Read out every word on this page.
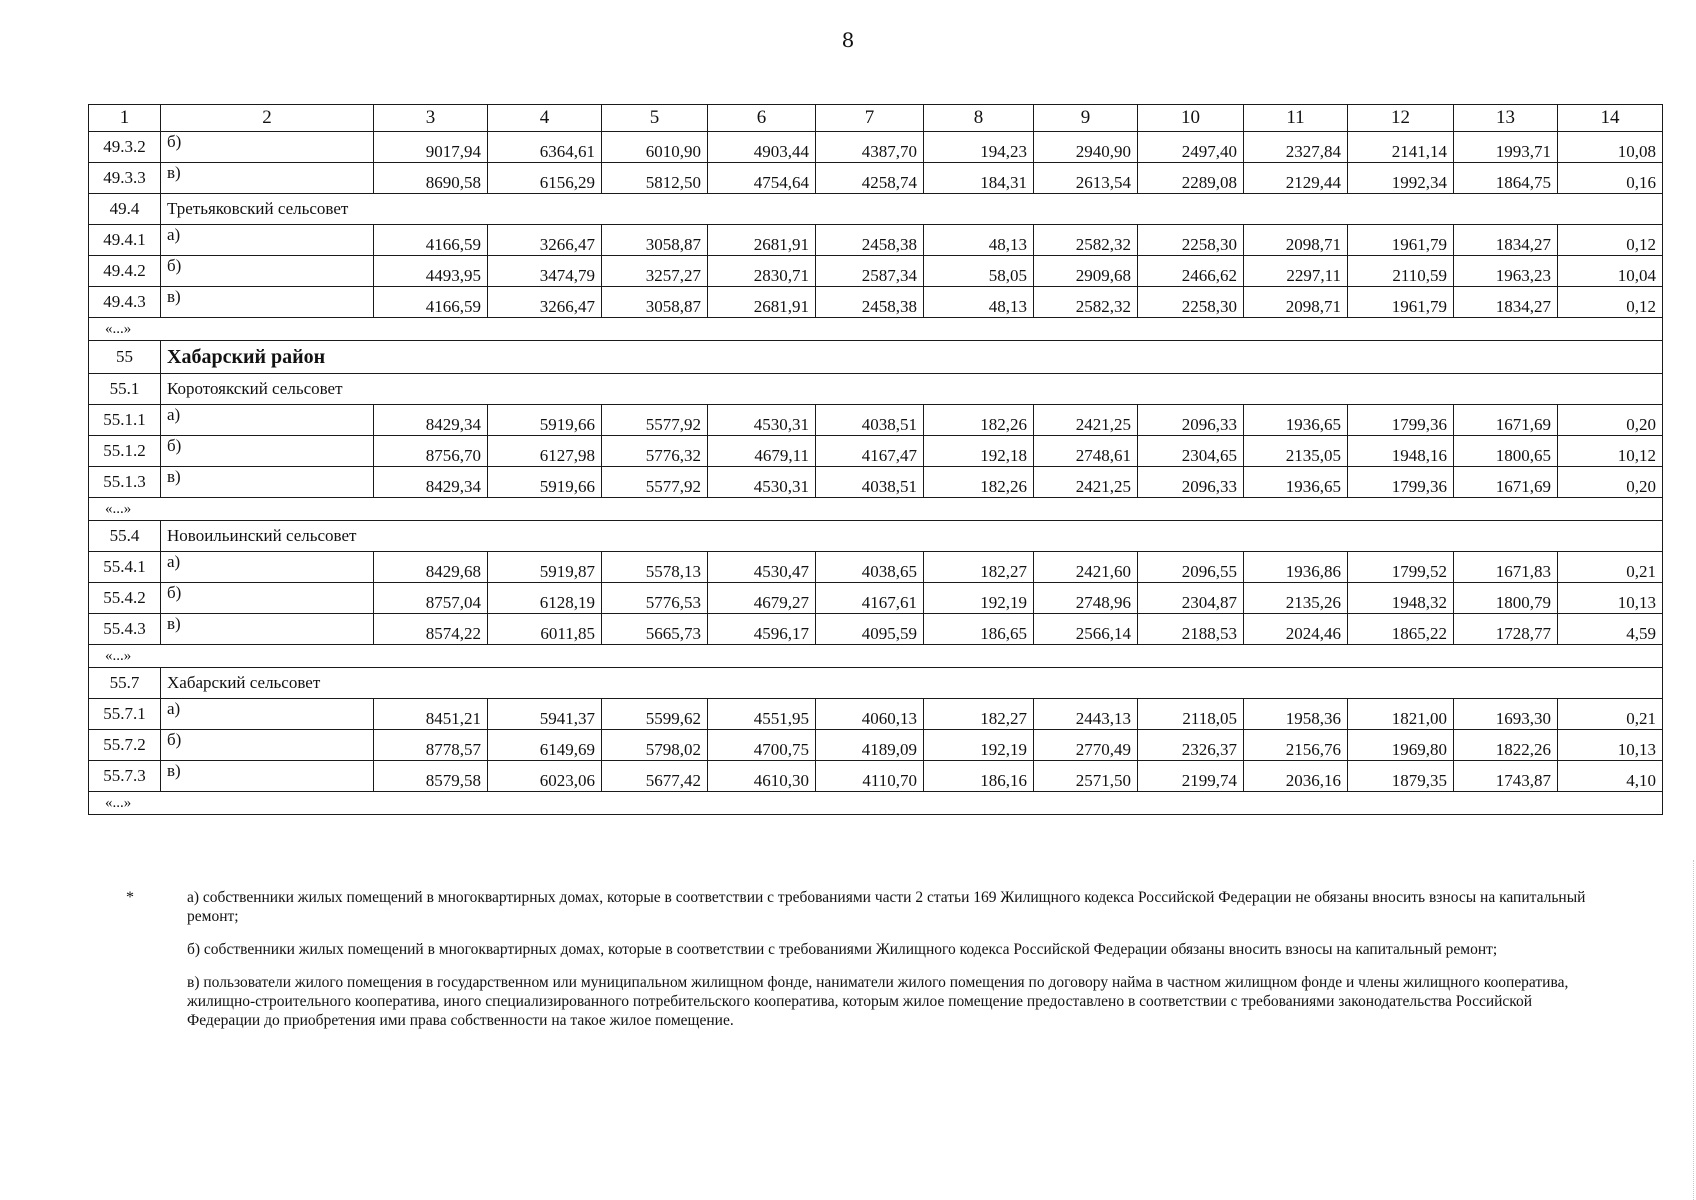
8
1	2	3	4	5	6	7	8	9	10	11	12	13	14
49.3.2	б)	9017,94	6364,61	6010,90	4903,44	4387,70	194,23	2940,90	2497,40	2327,84	2141,14	1993,71	10,08
49.3.3	в)	8690,58	6156,29	5812,50	4754,64	4258,74	184,31	2613,54	2289,08	2129,44	1992,34	1864,75	0,16
49.4	Третьяковский сельсовет												
49.4.1	а)	4166,59	3266,47	3058,87	2681,91	2458,38	48,13	2582,32	2258,30	2098,71	1961,79	1834,27	0,12
49.4.2	б)	4493,95	3474,79	3257,27	2830,71	2587,34	58,05	2909,68	2466,62	2297,11	2110,59	1963,23	10,04
49.4.3	в)	4166,59	3266,47	3058,87	2681,91	2458,38	48,13	2582,32	2258,30	2098,71	1961,79	1834,27	0,12
«...»													
55	Хабарский район												
55.1	Коротоякский сельсовет												
55.1.1	а)	8429,34	5919,66	5577,92	4530,31	4038,51	182,26	2421,25	2096,33	1936,65	1799,36	1671,69	0,20
55.1.2	б)	8756,70	6127,98	5776,32	4679,11	4167,47	192,18	2748,61	2304,65	2135,05	1948,16	1800,65	10,12
55.1.3	в)	8429,34	5919,66	5577,92	4530,31	4038,51	182,26	2421,25	2096,33	1936,65	1799,36	1671,69	0,20
«...»													
55.4	Новоильинский сельсовет												
55.4.1	а)	8429,68	5919,87	5578,13	4530,47	4038,65	182,27	2421,60	2096,55	1936,86	1799,52	1671,83	0,21
55.4.2	б)	8757,04	6128,19	5776,53	4679,27	4167,61	192,19	2748,96	2304,87	2135,26	1948,32	1800,79	10,13
55.4.3	в)	8574,22	6011,85	5665,73	4596,17	4095,59	186,65	2566,14	2188,53	2024,46	1865,22	1728,77	4,59
«...»													
55.7	Хабарский сельсовет												
55.7.1	а)	8451,21	5941,37	5599,62	4551,95	4060,13	182,27	2443,13	2118,05	1958,36	1821,00	1693,30	0,21
55.7.2	б)	8778,57	6149,69	5798,02	4700,75	4189,09	192,19	2770,49	2326,37	2156,76	1969,80	1822,26	10,13
55.7.3	в)	8579,58	6023,06	5677,42	4610,30	4110,70	186,16	2571,50	2199,74	2036,16	1879,35	1743,87	4,10
«...»													
*	а) собственники жилых помещений в многоквартирных домах, которые в соответствии с требованиями части 2 статьи 169 Жилищного кодекса Российской Федерации не обязаны вносить взносы на капитальный ремонт;
б) собственники жилых помещений в многоквартирных домах, которые в соответствии с требованиями Жилищного кодекса Российской Федерации обязаны вносить взносы на капитальный ремонт;
в) пользователи жилого помещения в государственном или муниципальном жилищном фонде, наниматели жилого помещения по договору найма в частном жилищном фонде и члены жилищного кооператива, жилищно-строительного кооператива, иного специализированного потребительского кооператива, которым жилое помещение предоставлено в соответствии с требованиями законодательства Российской Федерации до приобретения ими права собственности на такое жилое помещение.
